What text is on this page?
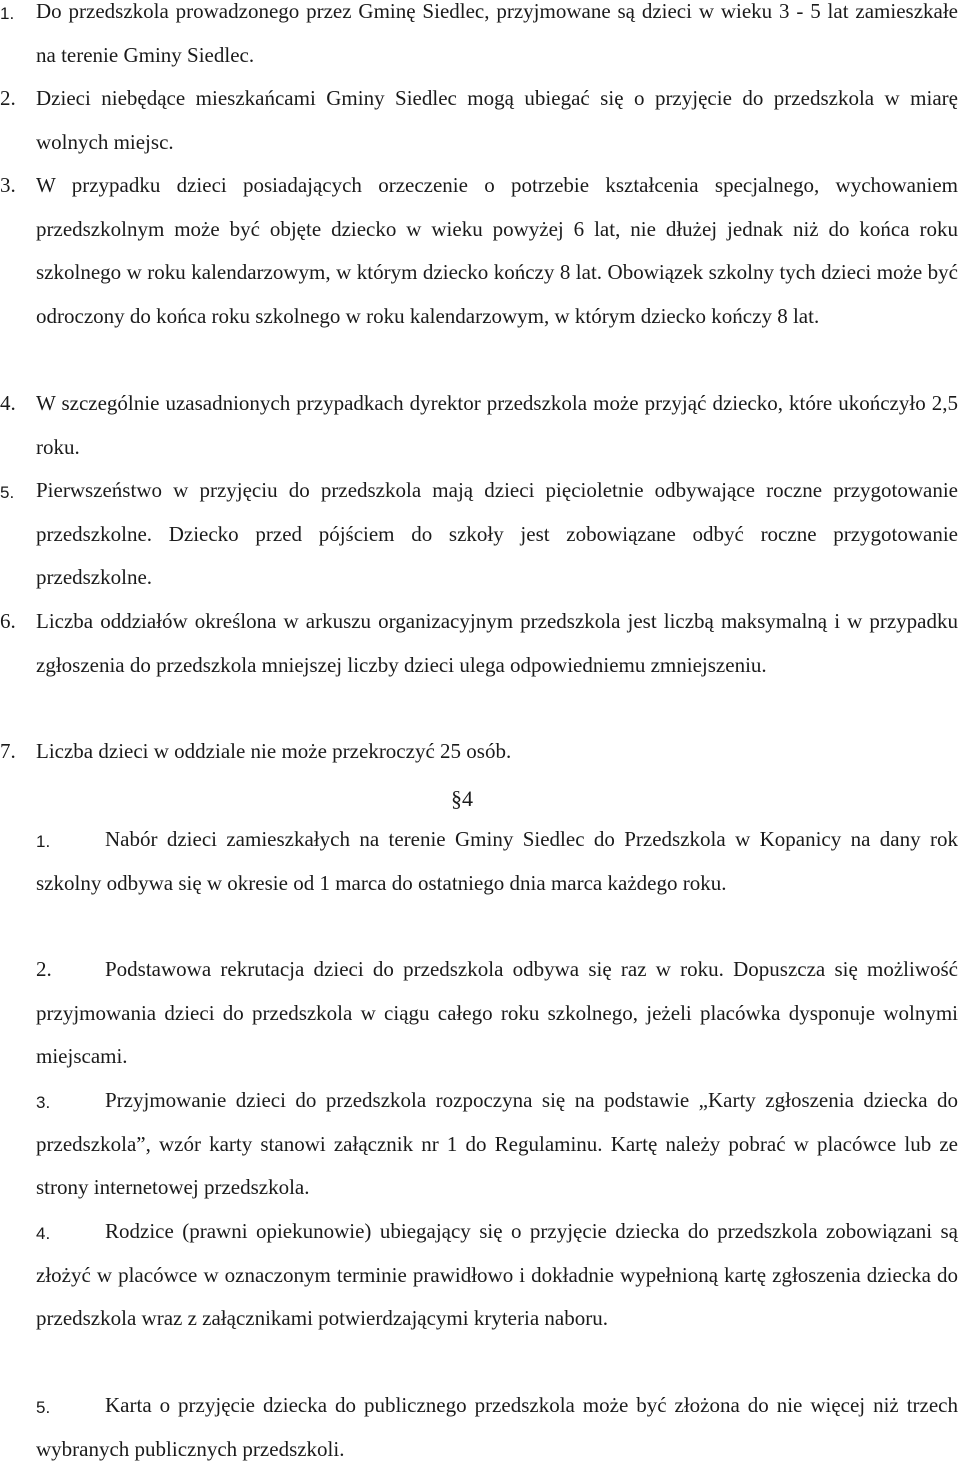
1. Do przedszkola prowadzonego przez Gminę Siedlec, przyjmowane są dzieci w wieku 3 - 5 lat zamieszkałe na terenie Gminy Siedlec.

2. Dzieci niebędące mieszkańcami Gminy Siedlec mogą ubiegać się o przyjęcie do przedszkola w miarę wolnych miejsc.

3. W przypadku dzieci posiadających orzeczenie o potrzebie kształcenia specjalnego, wychowaniem przedszkolnym może być objęte dziecko w wieku powyżej 6 lat, nie dłużej jednak niż do końca roku szkolnego w roku kalendarzowym, w którym dziecko kończy 8 lat. Obowiązek szkolny tych dzieci może być odroczony do końca roku szkolnego w roku kalendarzowym, w którym dziecko kończy 8 lat.

4. W szczególnie uzasadnionych przypadkach dyrektor przedszkola może przyjąć dziecko, które ukończyło 2,5 roku.

5. Pierwszeństwo w przyjęciu do przedszkola mają dzieci pięcioletnie odbywające roczne przygotowanie przedszkolne. Dziecko przed pójściem do szkoły jest zobowiązane odbyć roczne przygotowanie przedszkolne.

6. Liczba oddziałów określona w arkuszu organizacyjnym przedszkola jest liczbą maksymalną i w przypadku zgłoszenia do przedszkola mniejszej liczby dzieci ulega odpowiedniemu zmniejszeniu.

7. Liczba dzieci w oddziale nie może przekroczyć 25 osób.

§4
1.	Nabór dzieci zamieszkałych na terenie Gminy Siedlec do Przedszkola w Kopanicy na dany rok szkolny odbywa się w okresie od 1 marca do ostatniego dnia marca każdego roku.

2.	Podstawowa rekrutacja dzieci do przedszkola odbywa się raz w roku. Dopuszcza się możliwość przyjmowania dzieci do przedszkola w ciągu całego roku szkolnego, jeżeli placówka dysponuje wolnymi miejscami.

3.	Przyjmowanie dzieci do przedszkola rozpoczyna się na podstawie „Karty zgłoszenia dziecka do przedszkola”, wzór karty stanowi załącznik nr 1 do Regulaminu. Kartę należy pobrać w placówce lub ze strony internetowej przedszkola.

4.	Rodzice (prawni opiekunowie) ubiegający się o przyjęcie dziecka do przedszkola zobowiązani są złożyć w placówce w oznaczonym terminie prawidłowo i dokładnie wypełnioną kartę zgłoszenia dziecka do przedszkola wraz z załącznikami potwierdzającymi kryteria naboru.

5.	Karta o przyjęcie dziecka do publicznego przedszkola może być złożona do nie więcej niż trzech wybranych publicznych przedszkoli.
